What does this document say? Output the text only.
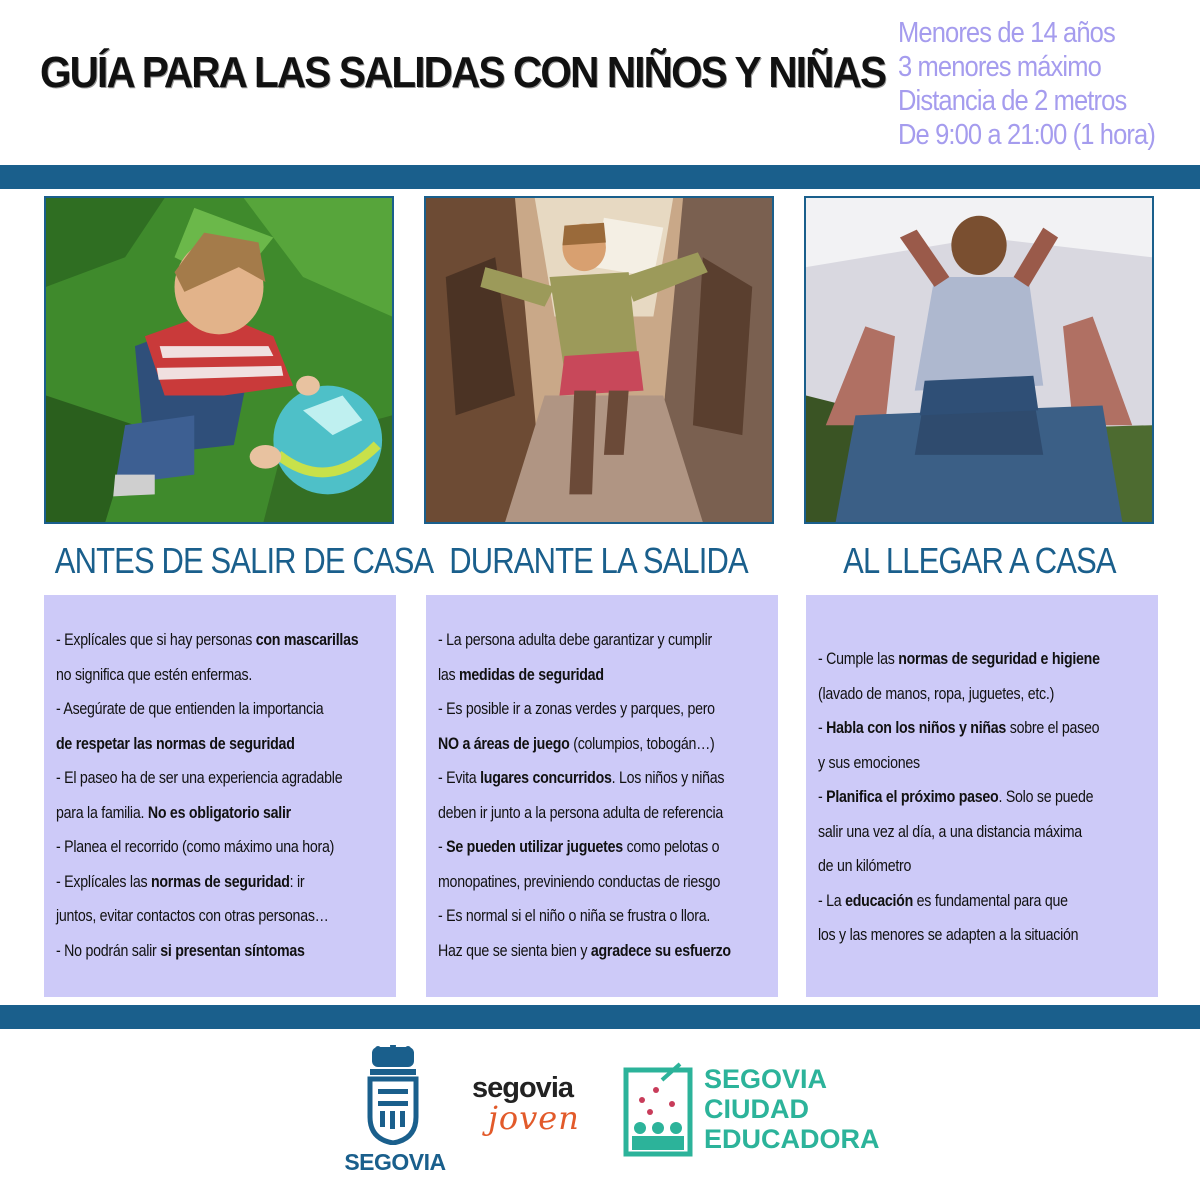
GUÍA PARA LAS SALIDAS CON NIÑOS Y NIÑAS
Menores de 14 años
3 menores máximo
Distancia de 2 metros
De 9:00 a 21:00 (1 hora)
ANTES DE SALIR DE CASA DURANTE LA SALIDA	AL LLEGAR A CASA
- Explícales que si hay personas con mascarillas
no significa que estén enfermas.
- Asegúrate de que entienden la importancia
de respetar las normas de seguridad
- El paseo ha de ser una experiencia agradable
para la familia. No es obligatorio salir
- Planea el recorrido (como máximo una hora)
- Explícales las normas de seguridad: ir
juntos, evitar contactos con otras personas…
- No podrán salir si presentan síntomas
- La persona adulta debe garantizar y cumplir
las medidas de seguridad
- Es posible ir a zonas verdes y parques, pero
NO a áreas de juego (columpios, tobogán…)
- Evita lugares concurridos. Los niños y niñas
deben ir junto a la persona adulta de referencia
- Se pueden utilizar juguetes como pelotas o
monopatines, previniendo conductas de riesgo
- Es normal si el niño o niña se frustra o llora.
Haz que se sienta bien y agradece su esfuerzo
- Cumple las normas de seguridad e higiene
(lavado de manos, ropa, juguetes, etc.)
- Habla con los niños y niñas sobre el paseo
y sus emociones
- Planifica el próximo paseo. Solo se puede
salir una vez al día, a una distancia máxima
de un kilómetro
- La educación es fundamental para que
los y las menores se adapten a la situación
SEGOVIA
segovia
joven
SEGOVIA
CIUDAD
EDUCADORA
